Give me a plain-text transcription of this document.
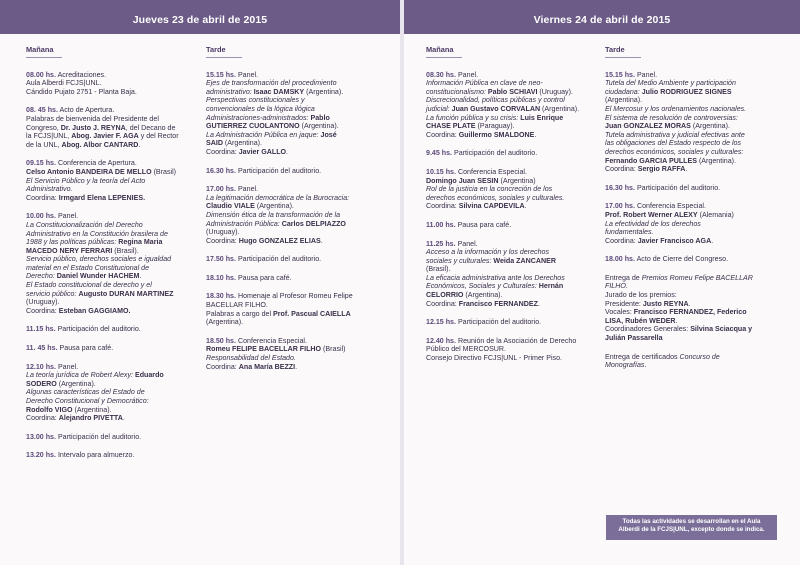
Jueves 23 de abril de 2015	Viernes 24 de abril de 2015
Mañana
08.00 hs. Acreditaciones.
Aula Alberdi FCJS|UNL.
Cándido Pujato 2751 - Planta Baja.
08. 45 hs. Acto de Apertura.
Palabras de bienvenida del Presidente del
Congreso, Dr. Justo J. REYNA, del Decano de
la FCJS|UNL, Abog. Javier F. AGA y del Rector
de la UNL, Abog. Albor CANTARD.
09.15 hs. Conferencia de Apertura.
Celso Antonio BANDEIRA DE MELLO (Brasil)
El Servicio Público y la teoría del Acto
Administrativo.
Coordina: Irmgard Elena LEPENIES.
10.00 hs. Panel.
La Constitucionalización del Derecho
Administrativo en la Constitución brasilera de
1988 y las políticas públicas: Regina Maria
MACEDO NERY FERRARI (Brasil).
Servicio público, derechos sociales e igualdad
material en el Estado Constitucional de
Derecho: Daniel Wunder HACHEM.
El Estado constitucional de derecho y el
servicio público: Augusto DURAN MARTINEZ
(Uruguay).
Coordina: Esteban GAGGIAMO.
11.15 hs. Participación del auditorio.
11. 45 hs. Pausa para café.
12.10 hs. Panel.
La teoría jurídica de Robert Alexy: Eduardo
SODERO (Argentina).
Algunas características del Estado de
Derecho Constitucional y Democrático:
Rodolfo VIGO (Argentina).
Coordina: Alejandro PIVETTA.
13.00 hs. Participación del auditorio.
13.20 hs. Intervalo para almuerzo.
Tarde
15.15 hs. Panel.
Ejes de transformación del procedimiento
administrativo: Isaac DAMSKY (Argentina).
Perspectivas constitucionales y
convencionales de la lógica ilógica
Administraciones-administrados: Pablo
GUTIERREZ CUOLANTONO (Argentina).
La Administración Pública en jaque: José
SAID (Argentina).
Coordina: Javier GALLO.
16.30 hs. Participación del auditorio.
17.00 hs. Panel.
La legitimación democrática de la Burocracia:
Claudio VIALE (Argentina).
Dimensión ética de la transformación de la
Administración Pública: Carlos DELPIAZZO
(Uruguay).
Coordina: Hugo GONZALEZ ELIAS.
17.50 hs. Participación del auditorio.
18.10 hs. Pausa para café.
18.30 hs. Homenaje al Profesor Romeu Felipe
BACELLAR FILHO.
Palabras a cargo del Prof. Pascual CAIELLA
(Argentina).
18.50 hs. Conferencia Especial.
Romeu FELIPE BACELLAR FILHO (Brasil)
Responsabilidad del Estado.
Coordina: Ana María BEZZI.
Mañana
08.30 hs. Panel.
Información Pública en clave de neo-
constitucionalismo: Pablo SCHIAVI (Uruguay).
Discrecionalidad, políticas públicas y control
judicial: Juan Gustavo CORVALAN (Argentina).
La función pública y su crisis: Luis Enrique
CHASE PLATE (Paraguay).
Coordina: Guillermo SMALDONE.
9.45 hs. Participación del auditorio.
10.15 hs. Conferencia Especial.
Domingo Juan SESIN (Argentina)
Rol de la justicia en la concreción de los
derechos económicos, sociales y culturales.
Coordina: Silvina CAPDEVILA.
11.00 hs. Pausa para café.
11.25 hs. Panel.
Acceso a la información y los derechos
sociales y culturales: Weida ZANCANER
(Brasil).
La eficacia administrativa ante los Derechos
Económicos, Sociales y Culturales: Hernán
CELORRIO (Argentina).
Coordina: Francisco FERNANDEZ.
12.15 hs. Participación del auditorio.
12.40 hs. Reunión de la Asociación de Derecho
Público del MERCOSUR.
Consejo Directivo FCJS|UNL - Primer Piso.
Tarde
15.15 hs. Panel.
Tutela del Medio Ambiente y participación
ciudadana: Julio RODRIGUEZ SIGNES
(Argentina).
El Mercosur y los ordenamientos nacionales.
El sistema de resolución de controversias:
Juan GONZALEZ MORAS (Argentina).
Tutela administrativa y judicial efectivas ante
las obligaciones del Estado respecto de los
derechos económicos, sociales y culturales:
Fernando GARCIA PULLES (Argentina).
Coordina: Sergio RAFFA.
16.30 hs. Participación del auditorio.
17.00 hs. Conferencia Especial.
Prof. Robert Werner ALEXY (Alemania)
La efectividad de los derechos
fundamentales.
Coordina: Javier Francisco AGA.
18.00 hs. Acto de Cierre del Congreso.
Entrega de Premios Romeu Felipe BACELLAR
FILHO.
Jurado de los premios:
Presidente: Justo REYNA.
Vocales: Francisco FERNANDEZ, Federico
LISA, Rubén WEDER.
Coordinadores Generales: Silvina Sciacqua y
Julián Passarella
Entrega de certificados Concurso de
Monografías.
Todas las actividades se desarrollan en el Aula
Alberdi de la FCJS|UNL, excepto donde se indica.
